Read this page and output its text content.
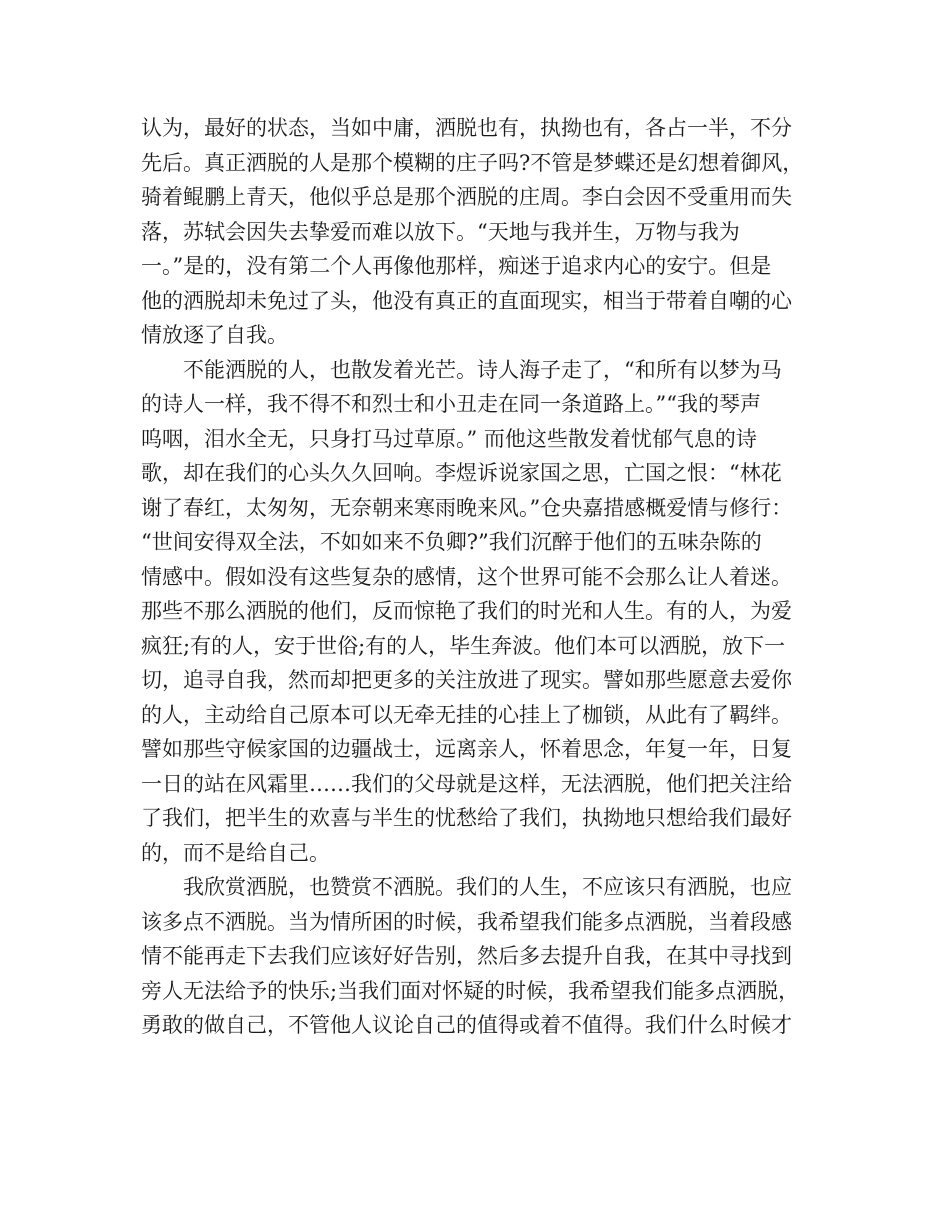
认为，最好的状态，当如中庸，洒脱也有，执拗也有，各占一半，不分
先后。真正洒脱的人是那个模糊的庄子吗?不管是梦蝶还是幻想着御风，
骑着鲲鹏上青天，他似乎总是那个洒脱的庄周。李白会因不受重用而失
落，苏轼会因失去挚爱而难以放下。“天地与我并生，万物与我为
一。”是的，没有第二个人再像他那样，痴迷于追求内心的安宁。但是
他的洒脱却未免过了头，他没有真正的直面现实，相当于带着自嘲的心
情放逐了自我。
不能洒脱的人，也散发着光芒。诗人海子走了，“和所有以梦为马
的诗人一样，我不得不和烈士和小丑走在同一条道路上。”“我的琴声
呜咽，泪水全无，只身打马过草原。” 而他这些散发着忧郁气息的诗
歌，却在我们的心头久久回响。李煜诉说家国之思，亡国之恨：“林花
谢了春红，太匆匆，无奈朝来寒雨晚来风。”仓央嘉措感概爱情与修行：
“世间安得双全法，不如如来不负卿?”我们沉醉于他们的五味杂陈的
情感中。假如没有这些复杂的感情，这个世界可能不会那么让人着迷。
那些不那么洒脱的他们，反而惊艳了我们的时光和人生。有的人，为爱
疯狂;有的人，安于世俗;有的人，毕生奔波。他们本可以洒脱，放下一
切，追寻自我，然而却把更多的关注放进了现实。譬如那些愿意去爱你
的人，主动给自己原本可以无牵无挂的心挂上了枷锁，从此有了羁绊。
譬如那些守候家国的边疆战士，远离亲人，怀着思念，年复一年，日复
一日的站在风霜里……我们的父母就是这样，无法洒脱，他们把关注给
了我们，把半生的欢喜与半生的忧愁给了我们，执拗地只想给我们最好
的，而不是给自己。
我欣赏洒脱，也赞赏不洒脱。我们的人生，不应该只有洒脱，也应
该多点不洒脱。当为情所困的时候，我希望我们能多点洒脱，当着段感
情不能再走下去我们应该好好告别，然后多去提升自我，在其中寻找到
旁人无法给予的快乐;当我们面对怀疑的时候，我希望我们能多点洒脱，
勇敢的做自己，不管他人议论自己的值得或着不值得。我们什么时候才
